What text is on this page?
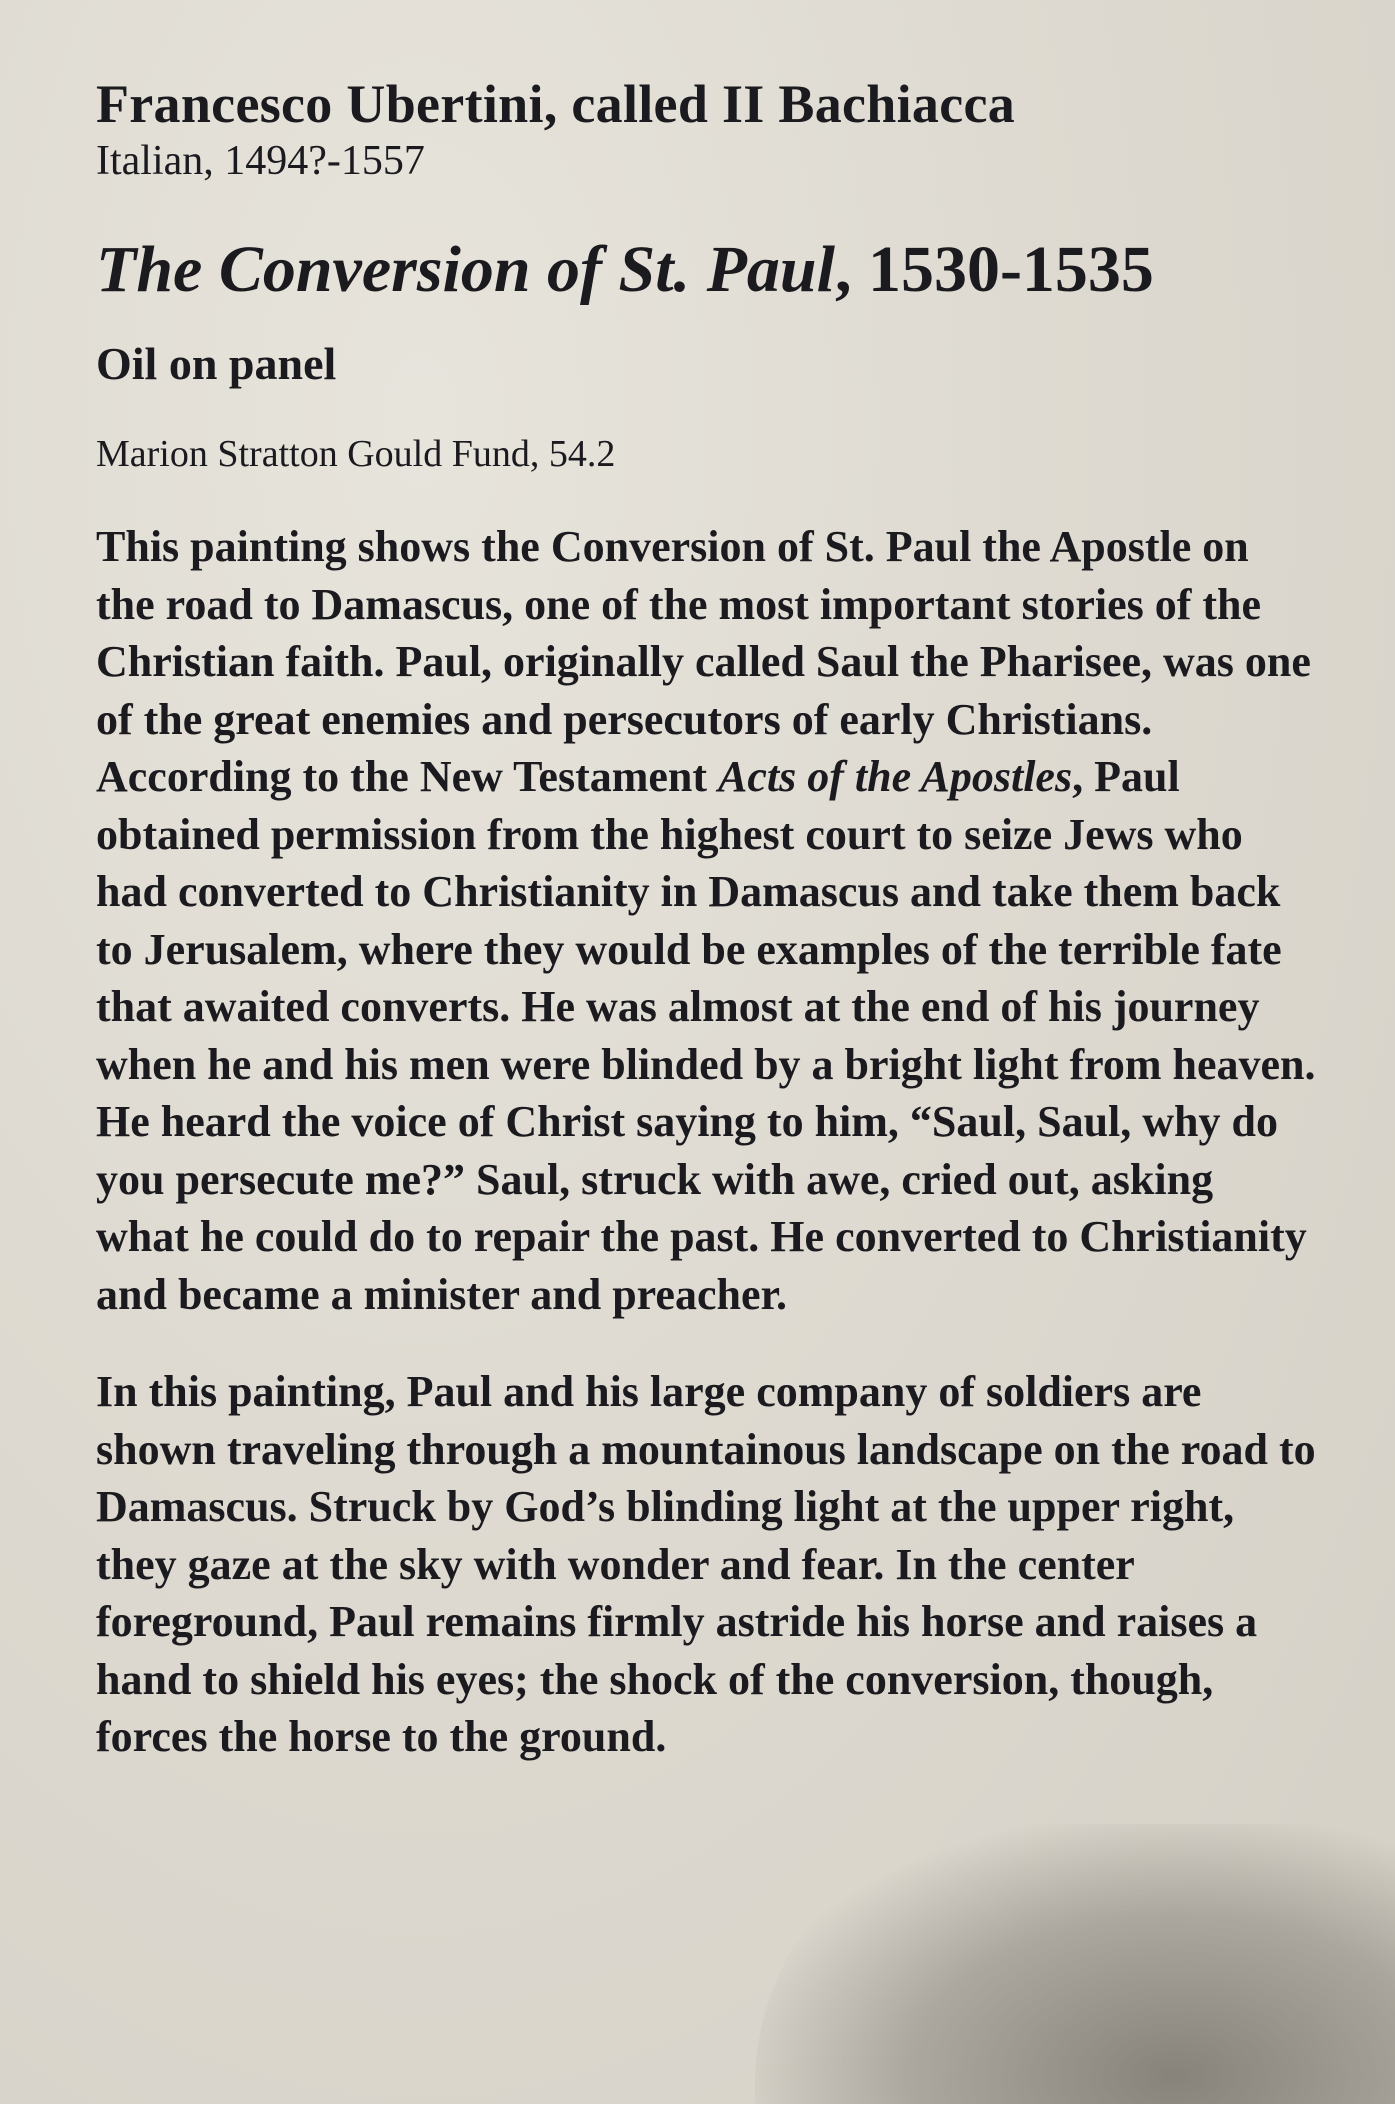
Francesco Ubertini, called II Bachiacca

Italian, 1494?-1557

The Conversion of St. Paul, 1530-1535

Oil on panel

Marion Stratton Gould Fund, 54.2

This painting shows the Conversion of St. Paul the Apostle on the road to Damascus, one of the most important stories of the Christian faith. Paul, originally called Saul the Pharisee, was one of the great enemies and persecutors of early Christians. According to the New Testament Acts of the Apostles, Paul obtained permission from the highest court to seize Jews who had converted to Christianity in Damascus and take them back to Jerusalem, where they would be examples of the terrible fate that awaited converts. He was almost at the end of his journey when he and his men were blinded by a bright light from heaven. He heard the voice of Christ saying to him, “Saul, Saul, why do you persecute me?” Saul, struck with awe, cried out, asking what he could do to repair the past. He converted to Christianity and became a minister and preacher.

In this painting, Paul and his large company of soldiers are shown traveling through a mountainous landscape on the road to Damascus. Struck by God’s blinding light at the upper right, they gaze at the sky with wonder and fear. In the center foreground, Paul remains firmly astride his horse and raises a hand to shield his eyes; the shock of the conversion, though, forces the horse to the ground.
